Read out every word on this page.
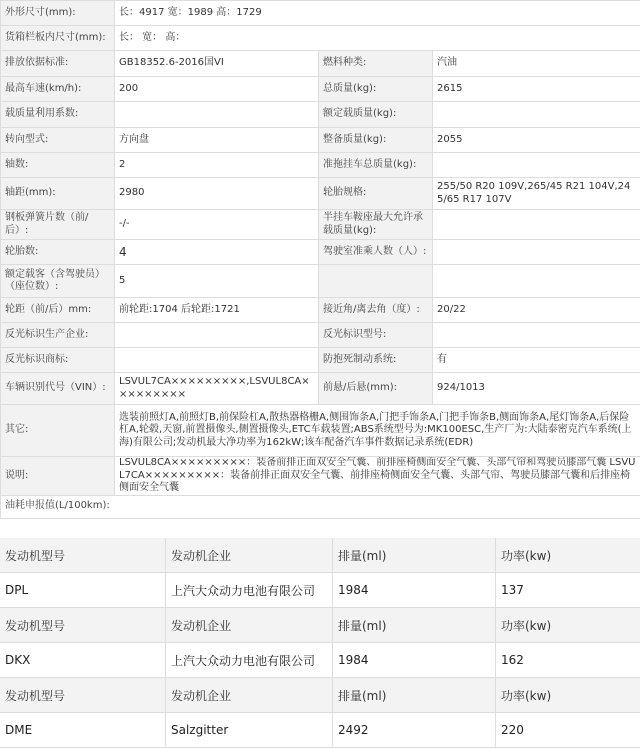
外形尺寸(mm):	长：4917 宽：1989 高：1729		
货箱栏板内尺寸(mm):	长： 宽： 高：		
排放依据标准:	GB18352.6-2016国VI	燃料种类:	汽油
最高车速(km/h):	200	总质量(kg):	2615
载质量利用系数:		额定载质量(kg):	
转向型式:	方向盘	整备质量(kg):	2055
轴数:	2	准拖挂车总质量(kg):	
轴距(mm):	2980	轮胎规格:	255/50 R20 109V,265/45 R21 104V,245/65 R17 107V
钢板弹簧片数（前/后）:	-/-	半挂车鞍座最大允许承载质量(kg):	
轮胎数:	4	驾驶室准乘人数（人）:	
额定载客（含驾驶员）（座位数）:	5		
轮距（前/后）mm:	前轮距:1704 后轮距:1721	接近角/离去角（度）:	20/22
反光标识生产企业:		反光标识型号:	
反光标识商标:		防抱死制动系统:	有
车辆识别代号（VIN）:	LSVUL7CA×××××××××,LSVUL8CA×××××××××	前悬/后悬(mm):	924/1013
其它:	选装前照灯A,前照灯B,前保险杠A,散热器格栅A,侧围饰条A,门把手饰条A,门把手饰条B,侧面饰条A,尾灯饰条A,后保险杠A,轮毂,天窗,前置摄像头,侧置摄像头,ETC车载装置;ABS系统型号为:MK100ESC,生产厂为:大陆泰密克汽车系统(上海)有限公司;发动机最大净功率为162kW;该车配备汽车事件数据记录系统(EDR)		
说明:	LSVUL8CA×××××××××：装备前排正面双安全气囊、前排座椅侧面安全气囊、头部气帘和驾驶员膝部气囊 LSVUL7CA×××××××××：装备前排正面双安全气囊、前排座椅侧面安全气囊、头部气帘、驾驶员膝部气囊和后排座椅侧面安全气囊		
油耗申报值(L/100km):			
发动机型号	发动机企业	排量(ml)	功率(kw)
DPL	上汽大众动力电池有限公司	1984	137
发动机型号	发动机企业	排量(ml)	功率(kw)
DKX	上汽大众动力电池有限公司	1984	162
发动机型号	发动机企业	排量(ml)	功率(kw)
DME	Salzgitter	2492	220
